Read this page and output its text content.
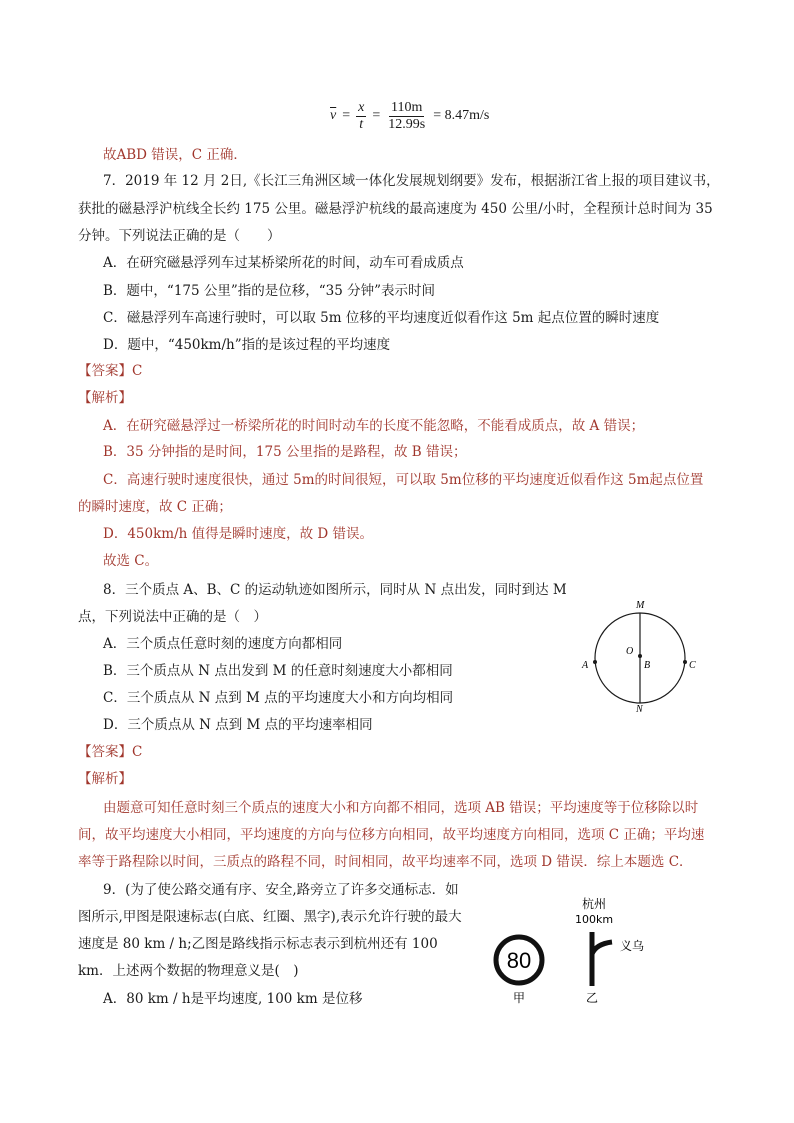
$\overline{v} = \frac{x}{t} = \frac{110m}{12.99s} = 8.47m/s$
故ABD 错误，C 正确．
7．2019 年 12 月 2日,《长江三角洲区域一体化发展规划纲要》发布，根据浙江省上报的项目建议书，
获批的磁悬浮沪杭线全长约 175 公里。磁悬浮沪杭线的最高速度为 450 公里/小时，全程预计总时间为 35
分钟。下列说法正确的是（　　）
A．在研究磁悬浮列车过某桥梁所花的时间，动车可看成质点
B．题中，“175 公里”指的是位移，“35 分钟”表示时间
C．磁悬浮列车高速行驶时，可以取 5m 位移的平均速度近似看作这 5m 起点位置的瞬时速度
D．题中，“450km/h”指的是该过程的平均速度
【答案】C
【解析】
A．在研究磁悬浮过一桥梁所花的时间时动车的长度不能忽略，不能看成质点，故 A 错误；
B．35 分钟指的是时间，175 公里指的是路程，故 B 错误；
C．高速行驶时速度很快，通过 5m的时间很短，可以取 5m位移的平均速度近似看作这 5m起点位置
的瞬时速度，故 C 正确；
D．450km/h 值得是瞬时速度，故 D 错误。
故选 C。
8．三个质点 A、B、C 的运动轨迹如图所示，同时从 N 点出发，同时到达 M
点，下列说法中正确的是（　）
A．三个质点任意时刻的速度方向都相同
B．三个质点从 N 点出发到 M 的任意时刻速度大小都相同
C．三个质点从 N 点到 M 点的平均速度大小和方向均相同
D．三个质点从 N 点到 M 点的平均速率相同
【答案】C
【解析】
由题意可知任意时刻三个质点的速度大小和方向都不相同，选项 AB 错误；平均速度等于位移除以时
间，故平均速度大小相同，平均速度的方向与位移方向相同，故平均速度方向相同，选项 C 正确；平均速
率等于路程除以时间，三质点的路程不同，时间相同，故平均速率不同，选项 D 错误．综上本题选 C．
9．(为了使公路交通有序、安全,路旁立了许多交通标志．如
图所示,甲图是限速标志(白底、红圈、黑字),表示允许行驶的最大
速度是 80 km / h;乙图是路线指示标志表示到杭州还有 100
km．上述两个数据的物理意义是(　)
A．80 km / h是平均速度, 100 km 是位移
M
N
O
B
A	C
80
甲
杭州
100km
义乌
乙
